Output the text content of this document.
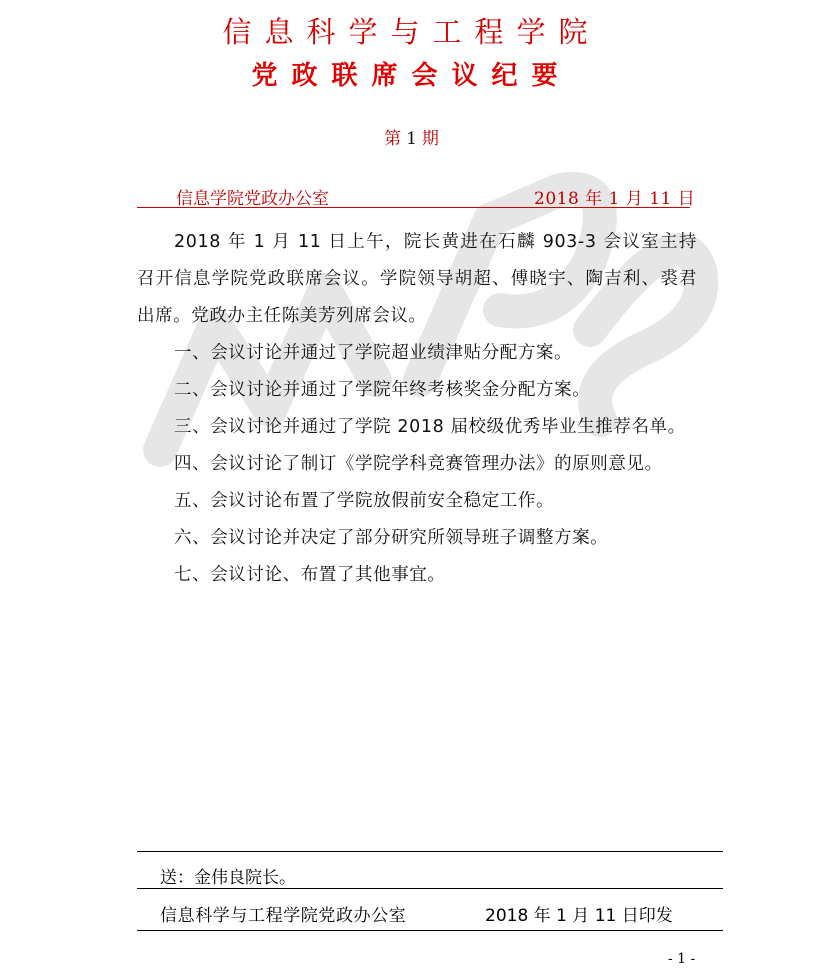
信息科学与工程学院
党政联席会议纪要
第 1 期
信息学院党政办公室	2018 年 1 月 11 日

2018 年 1 月 11 日上午，院长黄进在石麟 903-3 会议室主持召开信息学院党政联席会议。学院领导胡超、傅晓宇、陶吉利、裘君出席。党政办主任陈美芳列席会议。

一、会议讨论并通过了学院超业绩津贴分配方案。

二、会议讨论并通过了学院年终考核奖金分配方案。

三、会议讨论并通过了学院 2018 届校级优秀毕业生推荐名单。

四、会议讨论了制订《学院学科竞赛管理办法》的原则意见。

五、会议讨论布置了学院放假前安全稳定工作。

六、会议讨论并决定了部分研究所领导班子调整方案。

七、会议讨论、布置了其他事宜。

送：金伟良院长。
信息科学与工程学院党政办公室	2018 年 1 月 11 日印发
- 1 -
